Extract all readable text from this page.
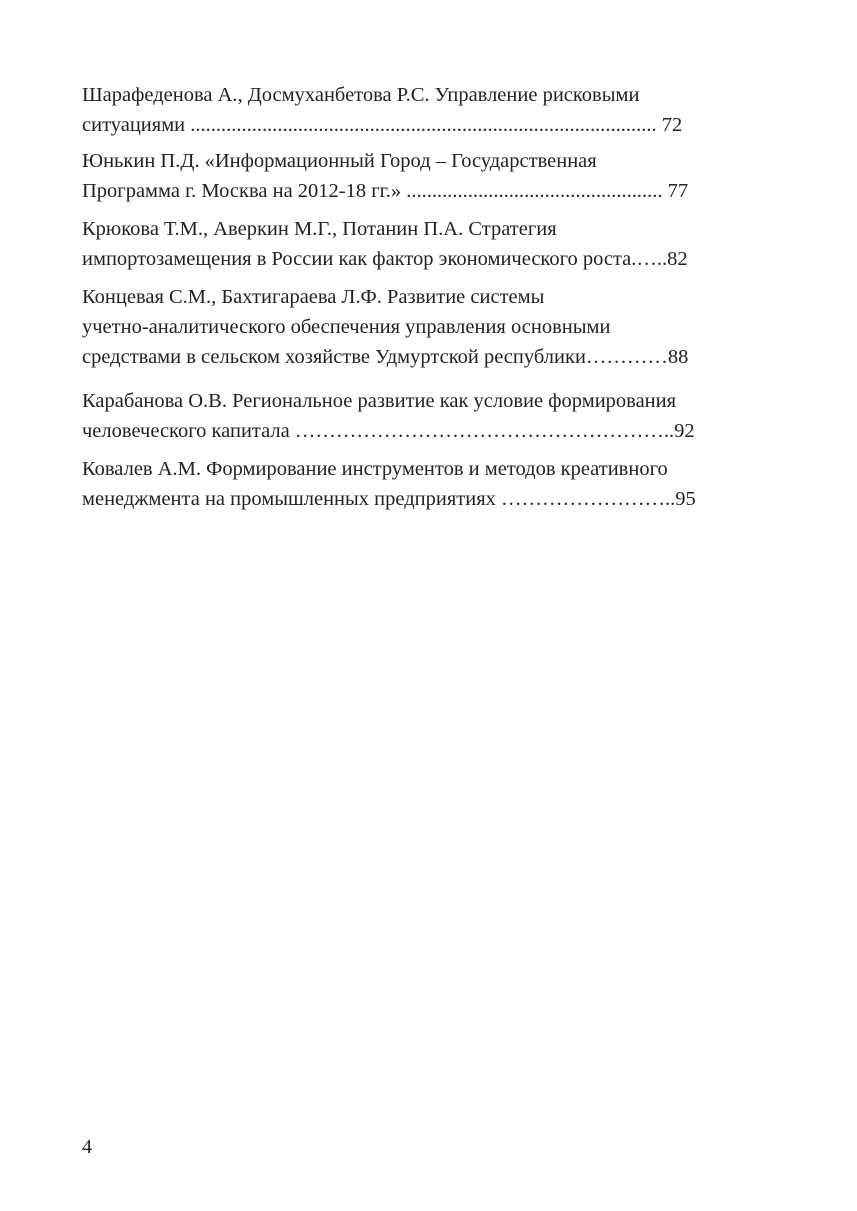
Шарафеденова А., Досмуханбетова Р.С. Управление рисковыми
ситуациями ........................................................................................... 72
Юнькин П.Д. «Информационный Город – Государственная
Программа г. Москва на 2012-18 гг.» .................................................. 77
Крюкова Т.М., Аверкин М.Г., Потанин П.А. Стратегия
импортозамещения в России как фактор экономического роста.…..82
Концевая С.М., Бахтигараева Л.Ф. Развитие системы
учетно-аналитического обеспечения управления основными
средствами в сельском хозяйстве Удмуртской республики…………88
Карабанова О.В. Региональное развитие как условие формирования
человеческого капитала ………………………………………………..92
Ковалев А.М. Формирование инструментов и методов креативного
менеджмента на промышленных предприятиях ……………………..95
4
